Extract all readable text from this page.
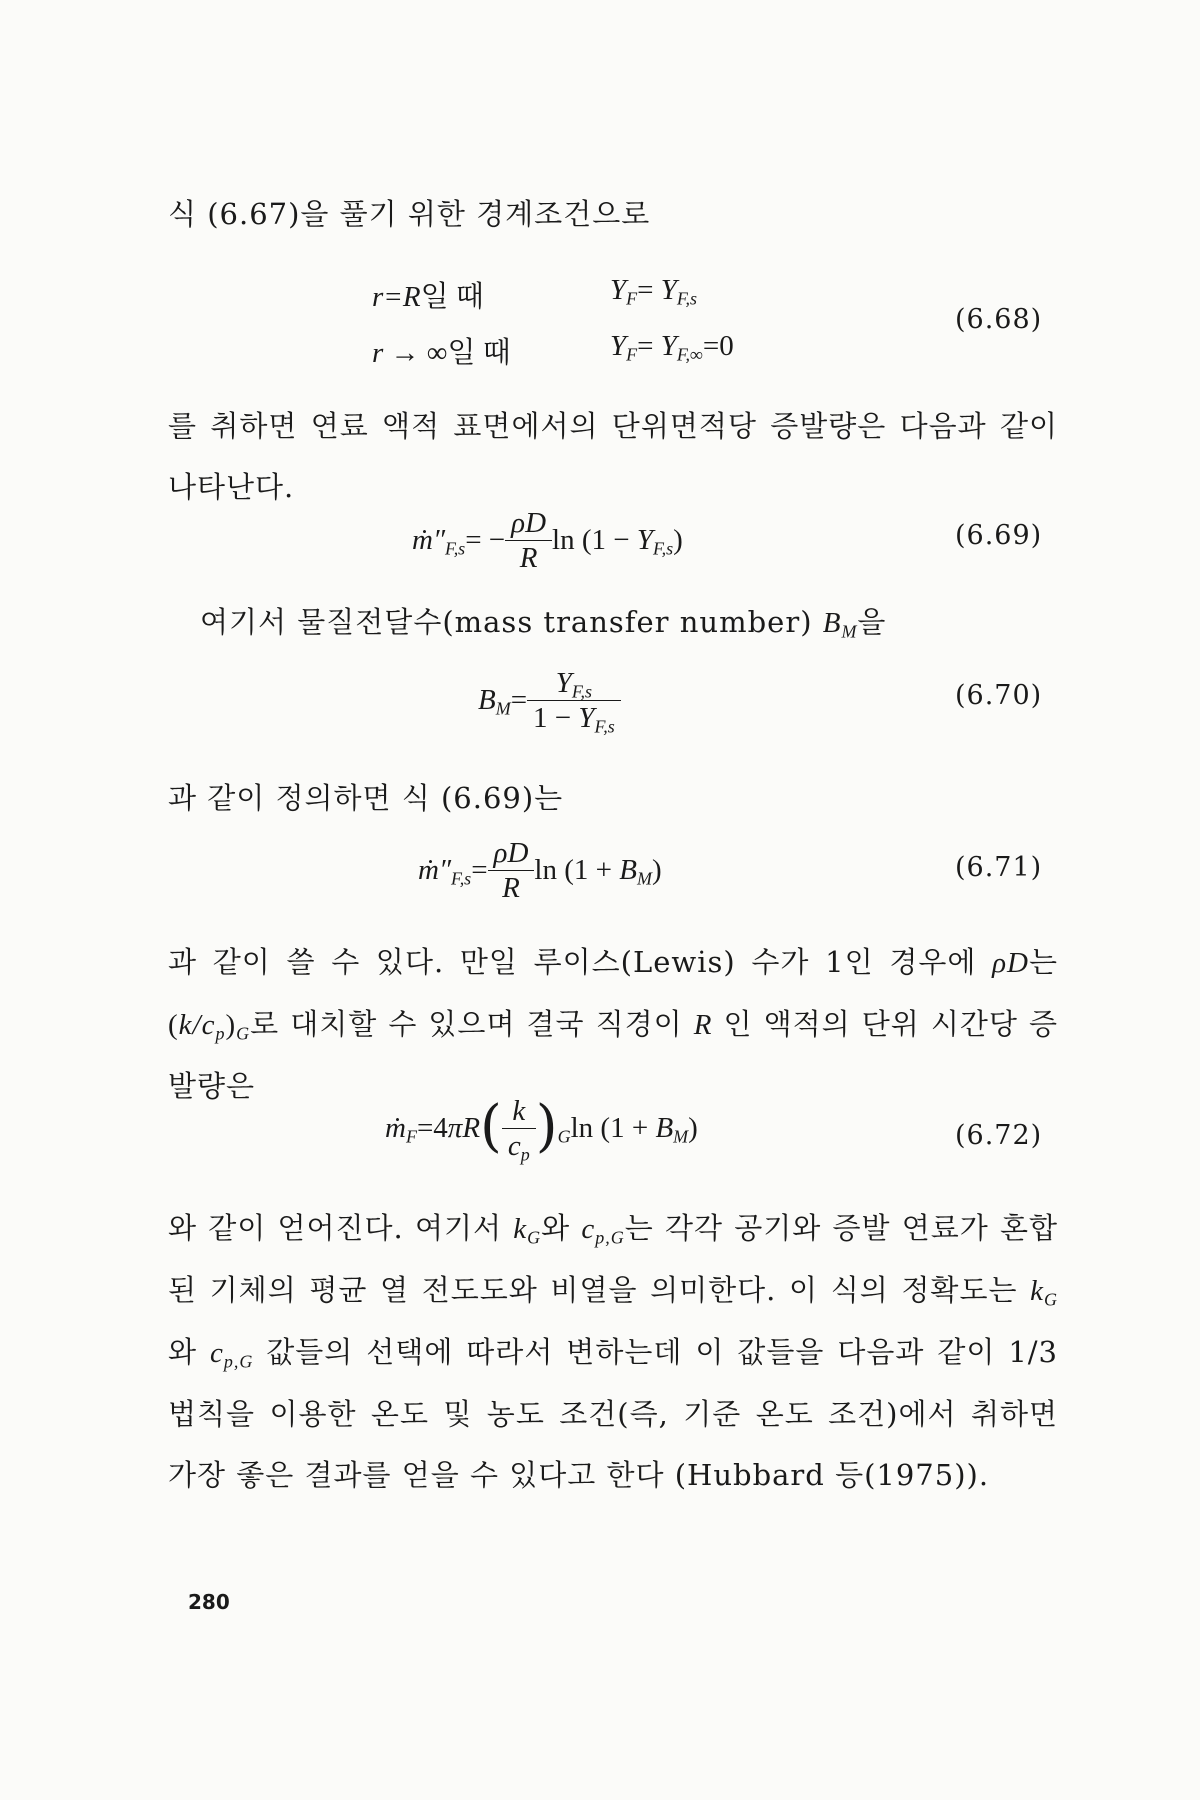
식 (6.67)을 풀기 위한 경계조건으로
r=R일 때	$Y_F= Y_{F,s}$
r → ∞일 때	$Y_F= Y_{F,\infty}=0$
(6.68)
를 취하면 연료 액적 표면에서의 단위면적당 증발량은 다음과 같이 나타난다.
$ṁ''_{F,s}= - \frac{\rho D}{R}$ $\ln (1 - Y_{F,s})$	(6.69)
여기서 물질전달수(mass transfer number) $B_M$을
$B_M= \frac{Y_{F,s}}{1 - Y_{F,s}}$	(6.70)
과 같이 정의하면 식 (6.69)는
$ṁ''_{F,s}= \frac{\rho D}{R}$ $\ln (1 + B_M)$	(6.71)
과 같이 쓸 수 있다. 만일 루이스(Lewis) 수가 1인 경우에 ρD는 $(k/c_p)_G$로 대치할 수 있으며 결국 직경이 R 인 액적의 단위 시간당 증발량은
ṁ$_F$=4πR( $\frac{k}{c_p} )_G\ln$ $(1 + B_M)$	(6.72)
와 같이 얻어진다. 여기서 $k_G$와 $c_{p,G}$는 각각 공기와 증발 연료가 혼합된 기체의 평균 열 전도도와 비열을 의미한다. 이 식의 정확도는 $k_G$와 $c_{p,G}$ 값들의 선택에 따라서 변하는데 이 값들을 다음과 같이 1/3 법칙을 이용한 온도 및 농도 조건(즉, 기준 온도 조건)에서 취하면 가장 좋은 결과를 얻을 수 있다고 한다 (Hubbard 등(1975)).
280
